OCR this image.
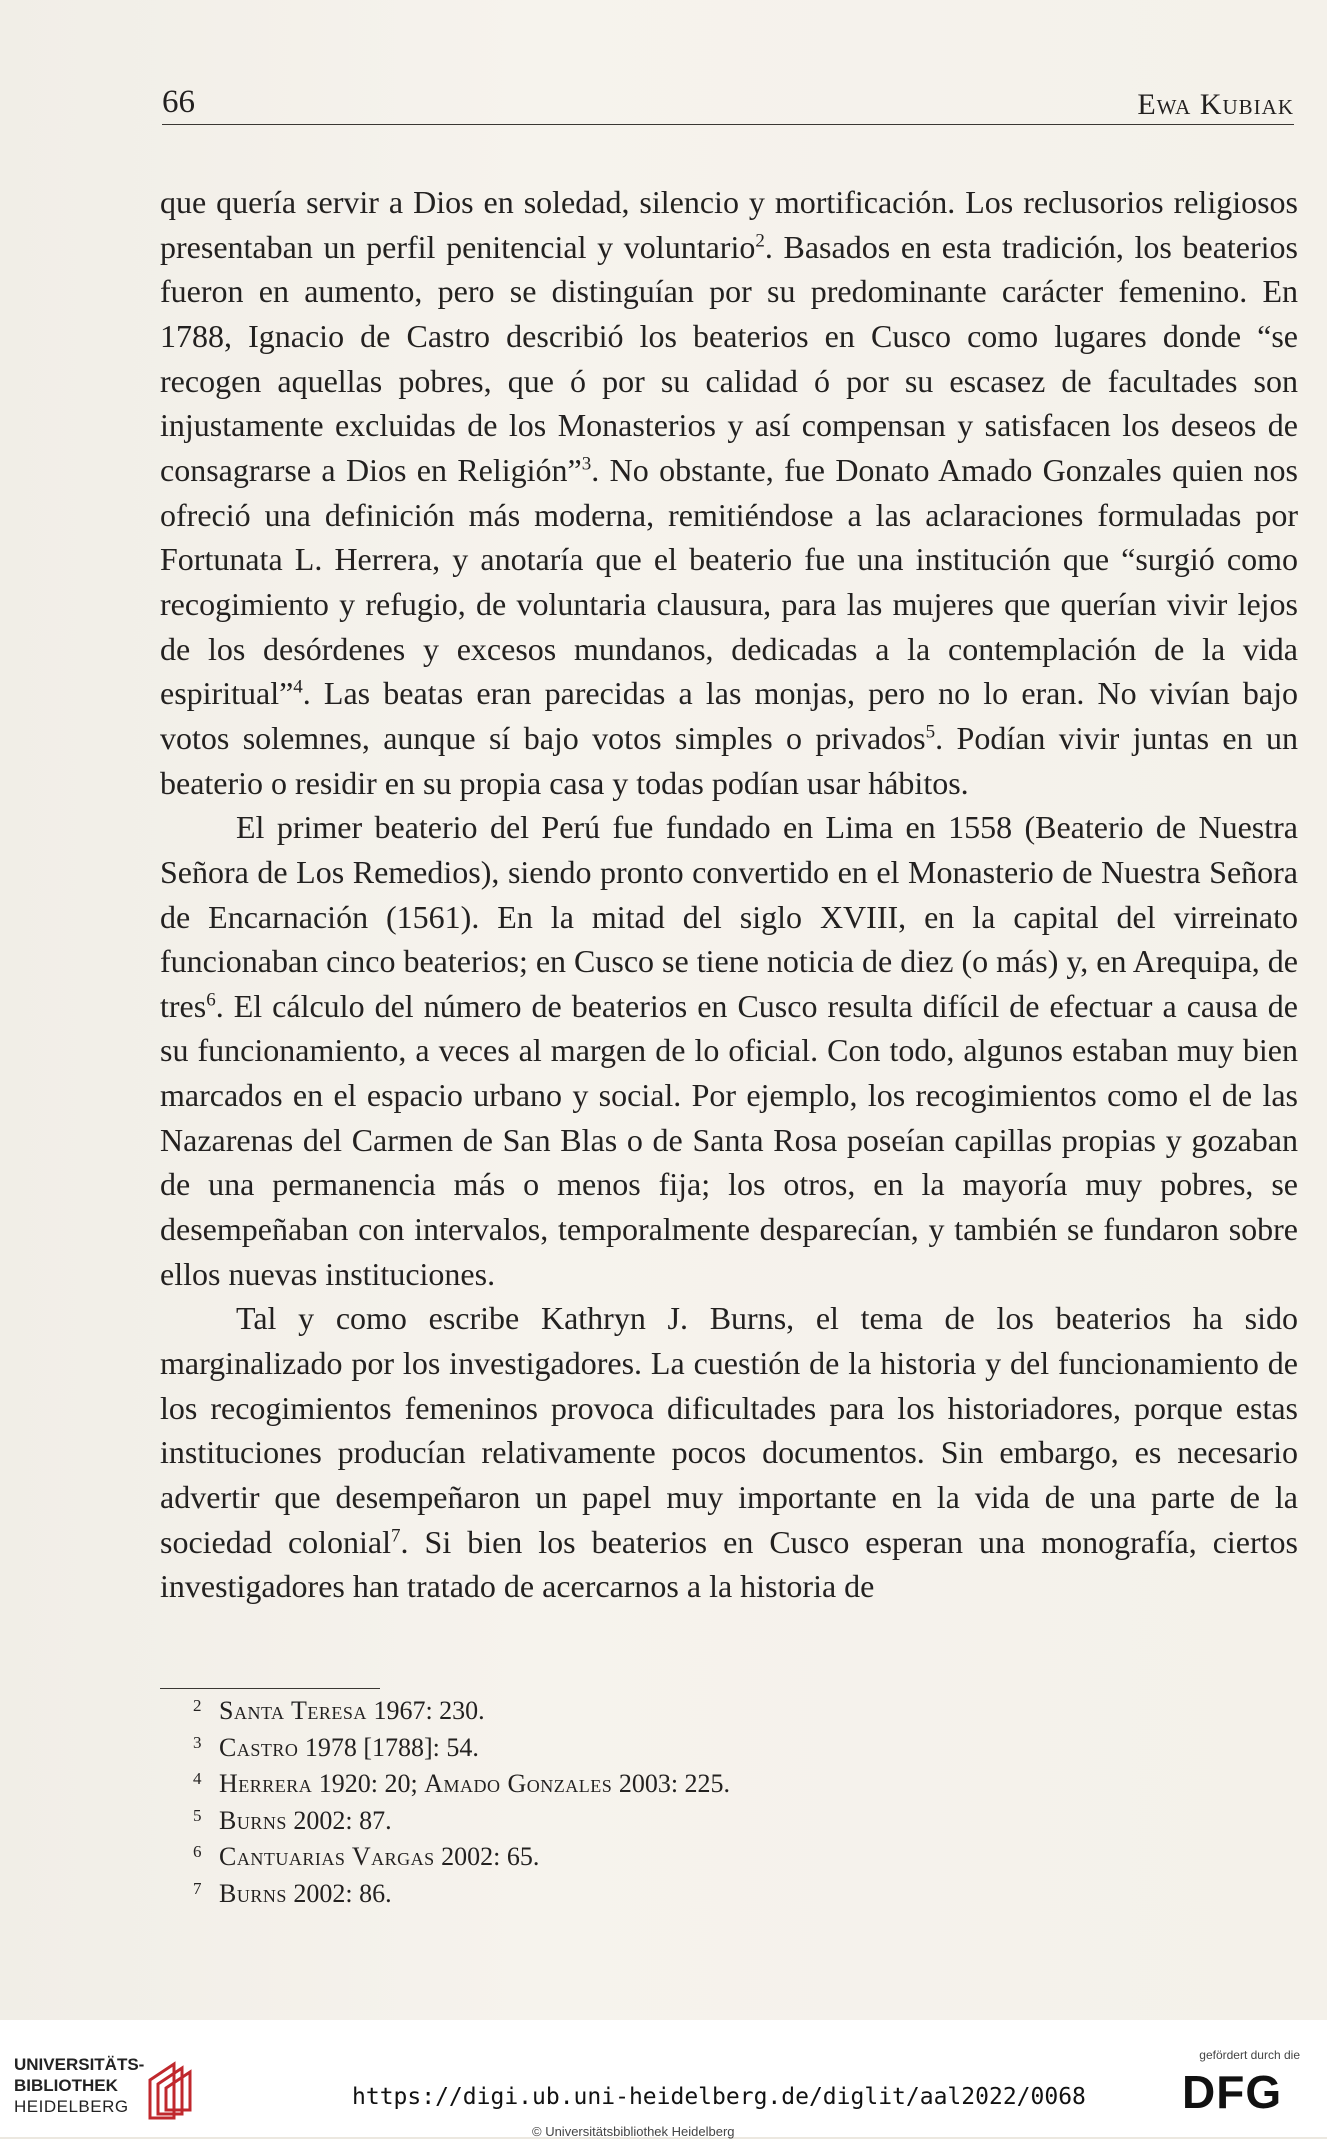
66	Ewa Kubiak

que quería servir a Dios en soledad, silencio y mortificación. Los reclusorios religiosos presentaban un perfil penitencial y voluntario$^2$. Basados en esta tradición, los beaterios fueron en aumento, pero se distinguían por su predominante carácter femenino. En 1788, Ignacio de Castro describió los beaterios en Cusco como lugares donde “se recogen aquellas pobres, que ó por su calidad ó por su escasez de facultades son injustamente excluidas de los Monasterios y así compensan y satisfacen los deseos de consagrarse a Dios en Religión”$^3$. No obstante, fue Donato Amado Gonzales quien nos ofreció una definición más moderna, remitiéndose a las aclaraciones formuladas por Fortunata L. Herrera, y anotaría que el beaterio fue una institución que “surgió como recogimiento y refugio, de voluntaria clausura, para las mujeres que querían vivir lejos de los desórdenes y excesos mundanos, dedicadas a la contemplación de la vida espiritual”$^4$. Las beatas eran parecidas a las monjas, pero no lo eran. No vivían bajo votos solemnes, aunque sí bajo votos simples o privados$^5$. Podían vivir juntas en un beaterio o residir en su propia casa y todas podían usar hábitos.

El primer beaterio del Perú fue fundado en Lima en 1558 (Beaterio de Nuestra Señora de Los Remedios), siendo pronto convertido en el Monasterio de Nuestra Señora de Encarnación (1561). En la mitad del siglo XVIII, en la capital del virreinato funcionaban cinco beaterios; en Cusco se tiene noticia de diez (o más) y, en Arequipa, de tres$^6$. El cálculo del número de beaterios en Cusco resulta difícil de efectuar a causa de su funcionamiento, a veces al margen de lo oficial. Con todo, algunos estaban muy bien marcados en el espacio urbano y social. Por ejemplo, los recogimientos como el de las Nazarenas del Carmen de San Blas o de Santa Rosa poseían capillas propias y gozaban de una permanencia más o menos fija; los otros, en la mayoría muy pobres, se desempeñaban con intervalos, temporalmente desparecían, y también se fundaron sobre ellos nuevas instituciones.

Tal y como escribe Kathryn J. Burns, el tema de los beaterios ha sido marginalizado por los investigadores. La cuestión de la historia y del funcionamiento de los recogimientos femeninos provoca dificultades para los historiadores, porque estas instituciones producían relativamente pocos documentos. Sin embargo, es necesario advertir que desempeñaron un papel muy importante en la vida de una parte de la sociedad colonial$^7$. Si bien los beaterios en Cusco esperan una monografía, ciertos investigadores han tratado de acercarnos a la historia de

2 Santa Teresa 1967: 230.
3 Castro 1978 [1788]: 54.
4 Herrera 1920: 20; Amado Gonzales 2003: 225.
5 Burns 2002: 87.
6 Cantuarias Vargas 2002: 65.
7 Burns 2002: 86.
UNIVERSITÄTS-
BIBLIOTHEK
HEIDELBERG	https://digi.ub.uni-heidelberg.de/diglit/aal2022/0068
© Universitätsbibliothek Heidelberg
gefördert durch die
DFG
